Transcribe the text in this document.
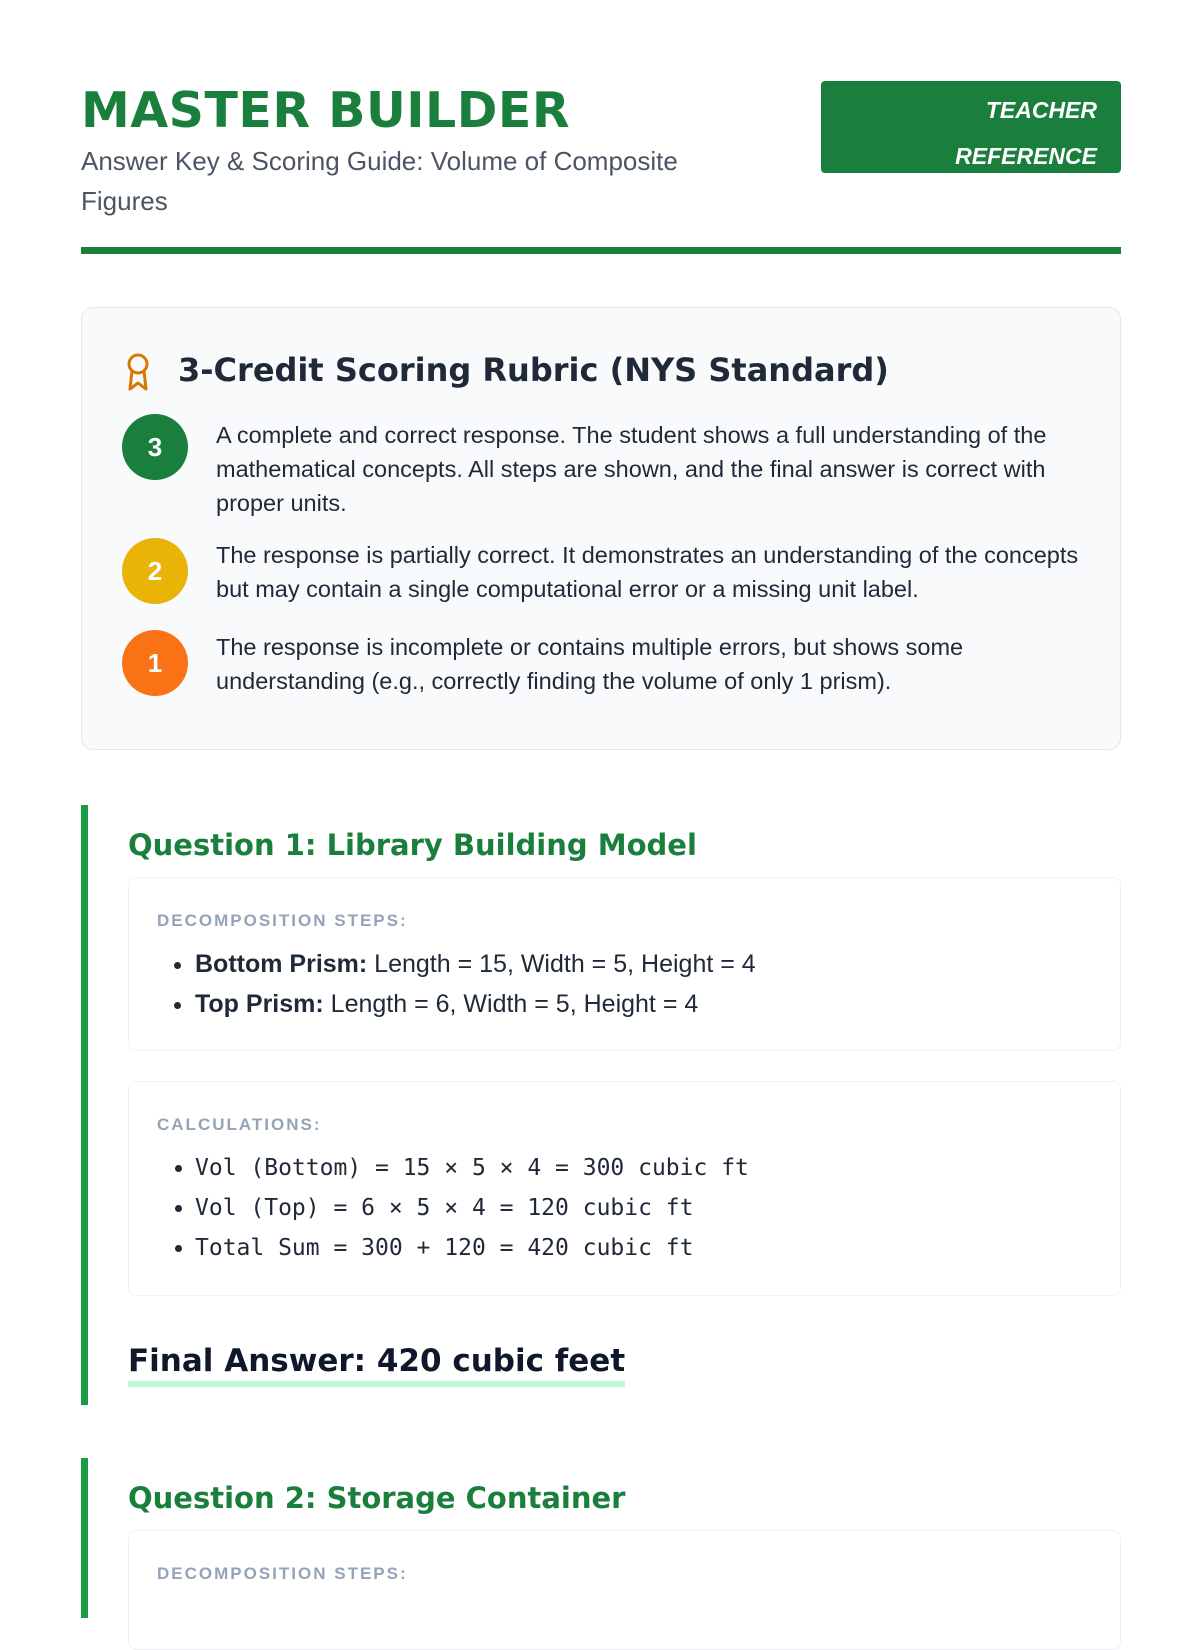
MASTER BUILDER
Answer Key & Scoring Guide: Volume of Composite Figures
TEACHER
REFERENCE
3-Credit Scoring Rubric (NYS Standard)
3	A complete and correct response. The student shows a full understanding of the mathematical concepts. All steps are shown, and the final answer is correct with proper units.
2
The response is partially correct. It demonstrates an understanding of the concepts but may contain a single computational error or a missing unit label.
1
The response is incomplete or contains multiple errors, but shows some understanding (e.g., correctly finding the volume of only 1 prism).
Question 1: Library Building Model
DECOMPOSITION STEPS:
• Bottom Prism: Length = 15, Width = 5, Height = 4
• Top Prism: Length = 6, Width = 5, Height = 4
CALCULATIONS:
• Vol (Bottom) = 15 × 5 × 4 = 300 cubic ft
• Vol (Top) = 6 × 5 × 4 = 120 cubic ft
• Total Sum = 300 + 120 = 420 cubic ft
Final Answer: 420 cubic feet
Question 2: Storage Container
DECOMPOSITION STEPS:
